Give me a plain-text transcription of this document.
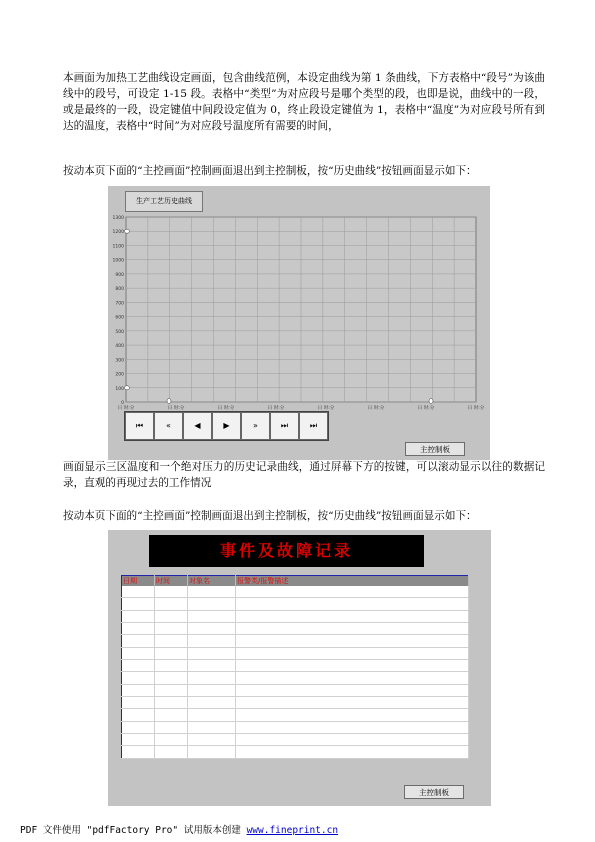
本画面为加热工艺曲线设定画面，包含曲线范例，本设定曲线为第 1 条曲线，下方表格中“段号”为该曲线中的段号，可设定 1-15 段。表格中“类型”为对应段号是哪个类型的段，也即是说，曲线中的一段，或是最终的一段，设定键值中间段设定值为 0，终止段设定键值为 1，表格中“温度”为对应段号所有到达的温度，表格中“时间”为对应段号温度所有需要的时间，

按动本页下面的“主控画面”控制画面退出到主控制板，按“历史曲线”按钮画面显示如下：

1300
1200
1100
1000
900
800
700
600
500
400
300
200
100
0
日 时:分	日 时:分	日 时:分	日 时:分	日 时:分	日 时:分	日 时:分	日 时:分
生产工艺历史曲线
⏮	«	◀	▶	»	⏭	⏭
主控制板

画面显示三区温度和一个绝对压力的历史记录曲线，通过屏幕下方的按键，可以滚动显示以往的数据记录，直观的再现过去的工作情况

按动本页下面的“主控画面”控制画面退出到主控制板，按“历史曲线”按钮画面显示如下：

事件及故障记录
日期	时间	对象名	报警类/报警描述

主控制板
PDF 文件使用 "pdfFactory Pro" 试用版本创建 www.fineprint.cn
